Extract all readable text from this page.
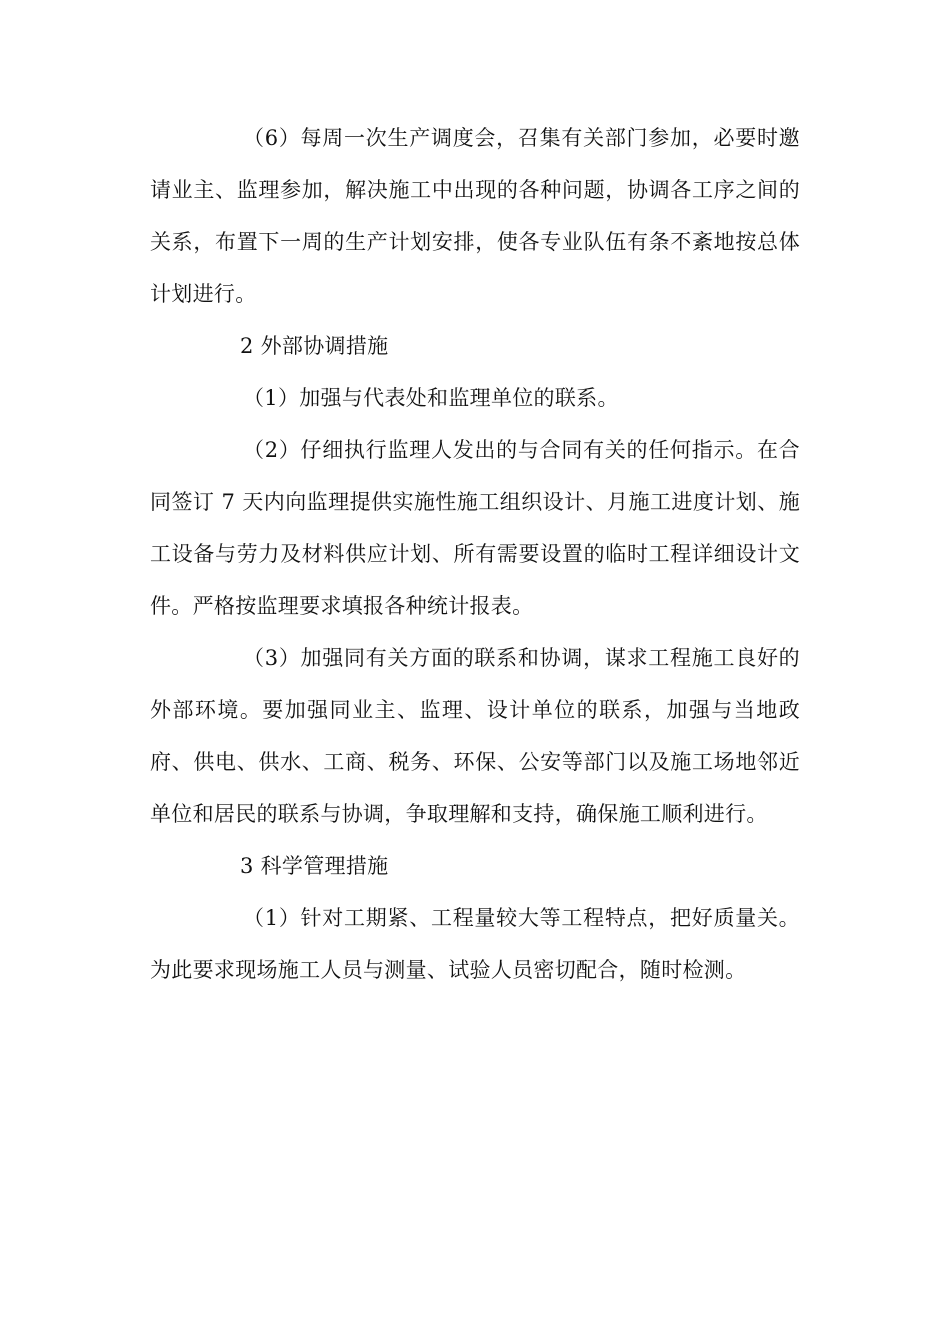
（6）每周一次生产调度会，召集有关部门参加，必要时邀请业主、监理参加，解决施工中出现的各种问题，协调各工序之间的关系，布置下一周的生产计划安排，使各专业队伍有条不紊地按总体计划进行。

2 外部协调措施

（1）加强与代表处和监理单位的联系。

（2）仔细执行监理人发出的与合同有关的任何指示。在合同签订 7 天内向监理提供实施性施工组织设计、月施工进度计划、施工设备与劳力及材料供应计划、所有需要设置的临时工程详细设计文件。严格按监理要求填报各种统计报表。

（3）加强同有关方面的联系和协调，谋求工程施工良好的外部环境。要加强同业主、监理、设计单位的联系，加强与当地政府、供电、供水、工商、税务、环保、公安等部门以及施工场地邻近单位和居民的联系与协调，争取理解和支持，确保施工顺利进行。

3 科学管理措施

（1）针对工期紧、工程量较大等工程特点，把好质量关。为此要求现场施工人员与测量、试验人员密切配合，随时检测。
